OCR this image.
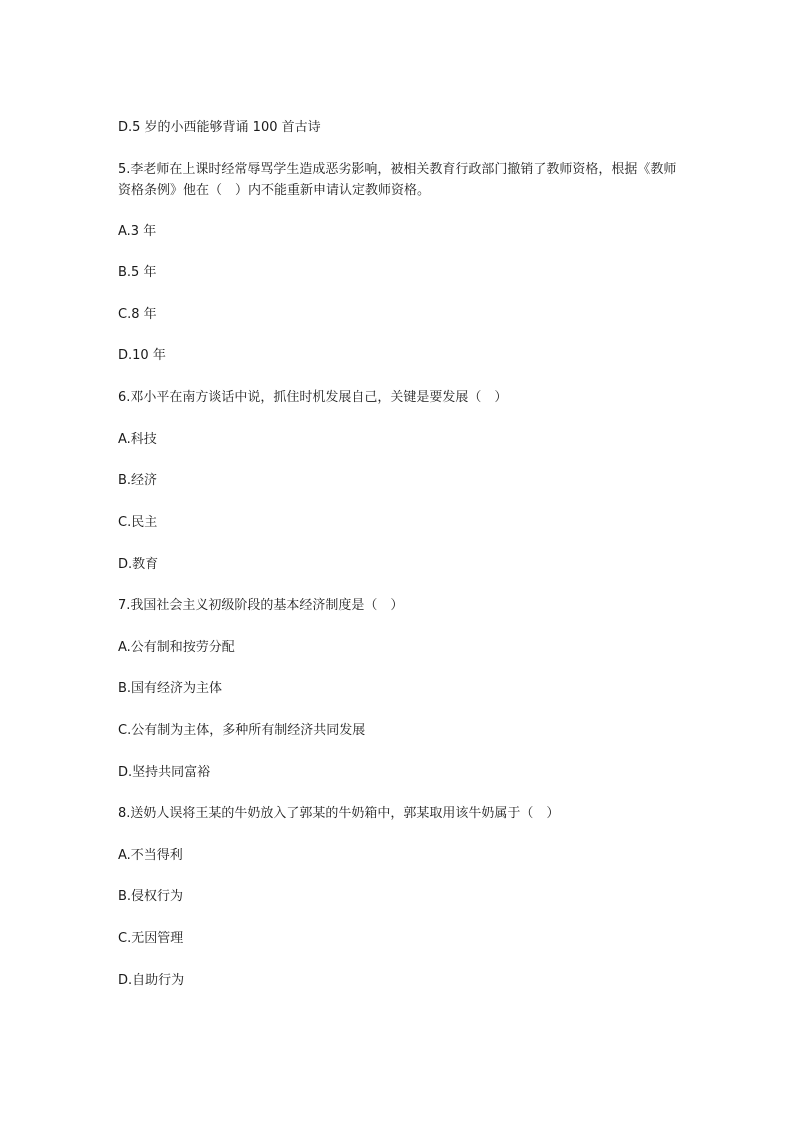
D.5 岁的小西能够背诵 100 首古诗
5.李老师在上课时经常辱骂学生造成恶劣影响，被相关教育行政部门撤销了教师资格，根据《教师资格条例》他在（　）内不能重新申请认定教师资格。
A.3 年
B.5 年
C.8 年
D.10 年
6.邓小平在南方谈话中说，抓住时机发展自己，关键是要发展（　）
A.科技
B.经济
C.民主
D.教育
7.我国社会主义初级阶段的基本经济制度是（　）
A.公有制和按劳分配
B.国有经济为主体
C.公有制为主体，多种所有制经济共同发展
D.坚持共同富裕
8.送奶人误将王某的牛奶放入了郭某的牛奶箱中，郭某取用该牛奶属于（　）
A.不当得利
B.侵权行为
C.无因管理
D.自助行为
